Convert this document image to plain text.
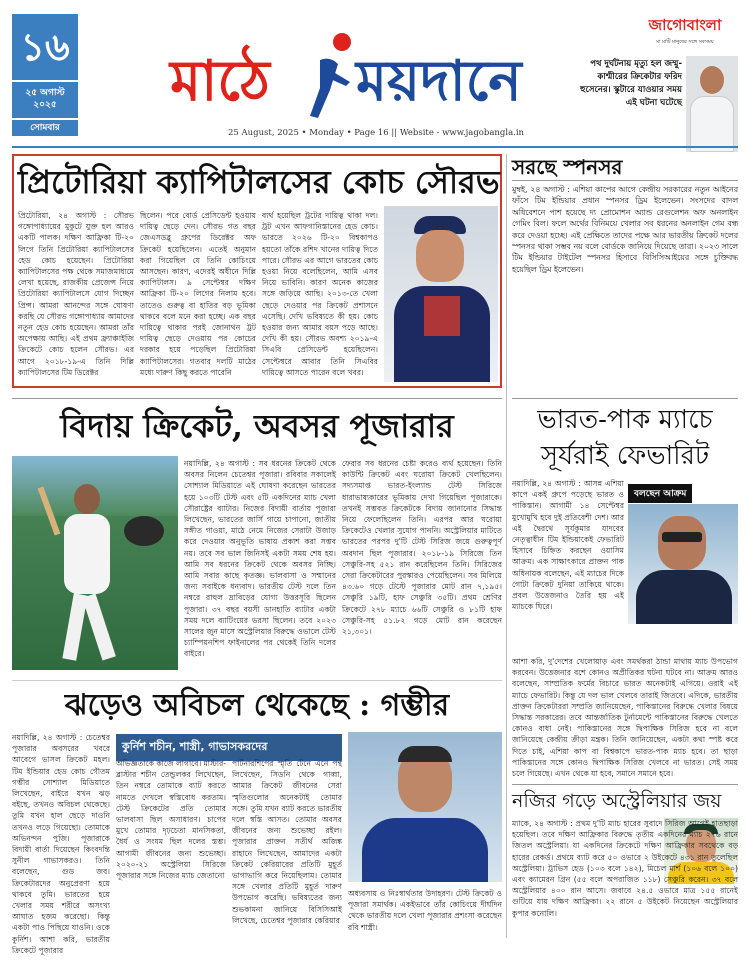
১৬
২৫ অগাস্ট ২০২৫
সোমবার
মাঠে ময়দানে
25 August, 2025 • Monday • Page 16 || Website - www.jagobangla.in
জাগোবাংলা
মা মাটি মানুষের সঙ্গে সবসময়
পথ দুর্ঘটনায় মৃত্যু হল জম্মু-কাশ্মীরের ক্রিকেটার ফরিদ হুসেনের। স্কুটারে যাওয়ার সময় এই ঘটনা ঘটেছে
প্রিটোরিয়া ক্যাপিটালসের কোচ সৌরভ
প্রিটোরিয়া, ২৪ অগাস্ট : সৌরভ গঙ্গোপাধ্যায়ের মুকুটে যুক্ত হল আরও একটি পালক। দক্ষিণ আফ্রিকা টি-২০ লিগে তিনি প্রিটোরিয়া ক্যাপিটালসের হেড কোচ হয়েছেন। প্রিটোরিয়া ক্যাপিটালসের পক্ষ থেকে সমাজমাধ্যমে লেখা হয়েছে, রাজকীয় প্রেজেন্স নিয়ে প্রিটোরিয়া ক্যাপিটালসে যোগ দিচ্ছেন প্রিন্স। আমরা আনন্দের সঙ্গে ঘোষণা করছি যে সৌরভ গঙ্গোপাধ্যায় আমাদের নতুন হেড কোচ হয়েছেন। আমরা তাঁর অপেক্ষায় আছি। এই প্রথম ফ্র্যাঞ্চাইজি ক্রিকেটে কোচ হলেন সৌরভ। এর আগে ২০১৮-১৯-এ তিনি দিল্লি ক্যাপিটালসের টিম ডিরেক্টর
ছিলেন। পরে বোর্ড প্রেসিডেন্ট হওয়ায় দায়িত্ব ছেড়ে দেন। সৌরভ গত বছর জেএসডব্লু গ্রুপের ডিরেক্টর অফ ক্রিকেট হয়েছিলেন। এতেই অনুমান করা গিয়েছিল যে তিনি কোচিংয়ে আসছেন। কারণ, এদেরই অধীনে দিল্লি ক্যাপিটালস। ৯ সেপ্টেম্বর দক্ষিণ আফ্রিকা টি-২০ লিগের নিলাম হবে। তাতেও গুরুত্ব বা হাতির বড় ভূমিকা থাকবে বলে মনে করা হচ্ছে। এক বছর দায়িত্বে থাকার পরই জোনাথন ট্রট দায়িত্ব ছেড়ে দেওয়ায় পর কোচের দরকার হয়ে পড়েছিল প্রিটোরিয়া ক্যাপিটালসের। গতবার দলটি মাঠের মধ্যে দারুণ কিছু করতে পারেনি
ব্যর্থ হয়েছিল ট্রটের দায়িত্ব থাকা দল। ট্রট এখন আফগানিস্তানের হেড কোচ। ভারতে ২০২৬ টি-২০ বিশ্বকাপও হয়তো তাঁকে রশিদ খানের দায়িত্ব দিতে পারে। সৌরভ এর আগে ভারতের কোচ হওয়া নিয়ে বলেছিলেন, আমি এসব নিয়ে ভাবিনি। কারণ অনেক কাজের সঙ্গে জড়িয়ে আছি। ২০১৩-তে খেলা ছেড়ে দেওয়ার পর ক্রিকেট প্রশাসনে এসেছি। দেখি ভবিষ্যতে কী হয়। কোচ হওয়ার জন্য আমার বয়স পড়ে আছে। দেখি কী হয়। সৌরভ অবশ্য ২০১৯-এ সিএবি প্রেসিডেন্ট হয়েছিলেন। সেপ্টেম্বরে আবার তিনি সিএবির দায়িত্বে আসতে পারেন বলে খবর।
সরছে স্পনসর
মুম্বই, ২৪ অগাস্ট : এশিয়া কাপের আগে কেন্দ্রীয় সরকারের নতুন আইনের ফাঁসে টিম ইন্ডিয়ার প্রধান স্পনসর ড্রিম ইলেভেন। সংসদের বাদল অধিবেশনে পাশ হয়েছে দ্য প্রোমোশন অ্যান্ড রেগুলেশন অফ অনলাইন গেমিং বিল। ফলে অর্থের বিনিময়ে খেলার সব ধরনের অনলাইন গেম বন্ধ করে দেওয়া হচ্ছে। এই প্রেক্ষিতে তাদের পক্ষে আর ভারতীয় ক্রিকেট দলের স্পনসর থাকা সম্ভব নয় বলে বোর্ডকে জানিয়ে দিয়েছে তারা। ২০২৩ সালে টিম ইন্ডিয়ার টাইটেল স্পনসর হিসাবে বিসিসিআইয়ের সঙ্গে চুক্তিবদ্ধ হয়েছিল ড্রিম ইলেভেন।
বিদায় ক্রিকেট, অবসর পূজারার
নয়াদিল্লি, ২৪ অগাস্ট : সব ধরনের ক্রিকেট থেকে অবসর নিলেন চেতেশ্বর পূজারা। রবিবার সকালেই সোশ্যাল মিডিয়াতে এই ঘোষণা করেছেন ভারতের হয়ে ১০৩টি টেস্ট এবং ৫টি একদিনের ম্যাচ খেলা সৌরাষ্ট্রের ব্যাটার। নিজের বিদায়ী বার্তায় পূজারা লিখেছেন, ভারতের জার্সি গায়ে চাপানো, জাতীয় সঙ্গীত গাওয়া, মাঠে নেমে নিজের সেরাটা উজাড় করে দেওয়ার অনুভূতি ভাষায় প্রকাশ করা সম্ভব নয়। তবে সব ভাল জিনিসই একটা সময় শেষ হয়। আমি সব ধরনের ক্রিকেট থেকে অবসর নিচ্ছি। আমি সবার কাছে কৃতজ্ঞ। ভালবাসা ও সম্মানের জন্য সবাইকে ধন্যবাদ। ভারতীয় টেস্ট দলে তিন নম্বরে রাহুল দ্রাবিড়ের যোগ্য উত্তরসূরি ছিলেন পূজারা। ৩৭ বছর বয়সী ডানহাতি ব্যাটার একটা সময় দলে ব্যাটিংয়ের ভরসা ছিলেন। তবে ২০২৩ সালের জুন মাসে অস্ট্রেলিয়ার বিরুদ্ধে ওভালে টেস্ট চ্যাম্পিয়নশিপ ফাইনালের পর থেকেই তিনি দলের বাইরে।
ফেরার সব ধরনের চেষ্টা করেও ব্যর্থ হয়েছেন। তিনি কাউন্টি ক্রিকেট এবং ঘরোয়া ক্রিকেট খেলছিলেন। সদ্যসমাপ্ত ভারত-ইংল্যান্ড টেস্ট সিরিজে ধারাভাষ্যকারের ভূমিকায় দেখা গিয়েছিল পূজারাকে। তখনই সম্ভবত ক্রিকেটকে বিদায় জানানোর সিদ্ধান্ত নিয়ে ফেলেছিলেন তিনি। এরপর আর ঘরোয়া ক্রিকেটেও খেলার সুযোগ পাননি। অস্ট্রেলিয়ার মাটিতে ভারতের পরপর দু'টি টেস্ট সিরিজ জয়ে গুরুত্বপূর্ণ অবদান ছিল পূজারার। ২০১৮-১৯ সিরিজে তিন সেঞ্চুরি-সহ ৫২১ রান করেছিলেন তিনি। সিরিজের সেরা ক্রিকেটারের পুরস্কারও পেয়েছিলেন। সব মিলিয়ে ৪৩.৬০ গড়ে টেস্টে পূজারার মোট রান ৭,১৯৫। সেঞ্চুরি ১৯টি, হাফ সেঞ্চুরি ৩৫টি। প্রথম শ্রেণির ক্রিকেটে ২৭৮ ম্যাচে ৬৬টি সেঞ্চুরি ও ৮১টি হাফ সেঞ্চুরি-সহ ৫১.৮২ গড়ে মোট রান করেছেন ২১,৩০১।
ভারত-পাক ম্যাচে
সূর্যরাই ফেভারিট
নয়াদিল্লি, ২৪ অগাস্ট : আসন্ন এশিয়া কাপে একই গ্রুপে পড়েছে ভারত ও পাকিস্তান। আগামী ১৪ সেপ্টেম্বর মুখোমুখি হবে দুই প্রতিবেশী দেশ। আর এই দ্বৈরথে সূর্যকুমার যাদবের নেতৃত্বাধীন টিম ইন্ডিয়াকেই ফেভারিট হিসাবে চিহ্নিত করছেন ওয়াসিম আক্রম। এক সাক্ষাৎকারে প্রাক্তন পাক অধিনায়ক বলেছেন, এই ম্যাচের দিকে গোটা ক্রিকেট দুনিয়া তাকিয়ে থাকে। প্রবল উত্তেজনাও তৈরি হয় এই ম্যাচকে ঘিরে।
বলছেন আক্রম
আশা করি, দু'দেশের খেলোয়াড় এবং সমর্থকরা ঠান্ডা মাথায় ম্যাচ উপভোগ করবেন। উত্তেজনার বশে কোনও অপ্রীতিকর ঘটনা ঘটবে না। আক্রম আরও বলেছেন, সাম্প্রতিক ফর্মের বিচারে ভারত অনেকটাই এগিয়ে। ওরাই এই ম্যাচে ফেভারিট। কিন্তু যে দল ভাল খেলবে তারাই জিতবে। এদিকে, ভারতীয় প্রাক্তন ক্রিকেটাররা সম্প্রতি জানিয়েছেন, পাকিস্তানের বিরুদ্ধে খেলার বিষয়ে সিদ্ধান্ত সরকারের। তবে আন্তর্জাতিক টুর্নামেন্টে পাকিস্তানের বিরুদ্ধে খেলতে কোনও বাধা নেই। পাকিস্তানের সঙ্গে দ্বিপাক্ষিক সিরিজ হবে না বলে জানিয়েছে কেন্দ্রীয় ক্রীড়া মন্ত্রক। তিনি জানিয়েছেন, একটা কথা স্পষ্ট করে দিতে চাই, এশিয়া কাপ বা বিশ্বকাপে ভারত-পাক ম্যাচ হবে। তা ছাড়া পাকিস্তানের সঙ্গে কোনও দ্বিপাক্ষিক সিরিজ খেলবে না ভারত। সেই সময় চলে গিয়েছে। এখন থেকে যা হবে, সমানে সমানে হবে।
ঝড়েও অবিচল থেকেছে : গম্ভীর
নয়াদিল্লি, ২৪ অগাস্ট : চেতেশ্বর পূজারার অবসরের খবরে আবেগে ভাসল ক্রিকেট মহল। টিম ইন্ডিয়ার হেড কোচ গৌতম গম্ভীর সোশ্যাল মিডিয়াতে লিখেছেন, বাইরে যখন ঝড় বইছে, তখনও অবিচল থেকেছে। তুমি যখন হাল ছেড়ে দাওনি তখনও লড়ে গিয়েছো। তোমাকে অভিনন্দন পুজি। পূজারাকে বিদায়ী বার্তা দিয়েছেন কিংবদন্তি সুনীল গাভাসকরও। তিনি বলেছেন, গুড জব। ক্রিকেটারদের অনুপ্রেরণা হয়ে থাকবে তুমি। ভারতের হয়ে খেলার সময় শরীরে অসংখ্য আঘাত হজম করেছো। কিন্তু একটা পাও পিছিয়ে যাওনি। ওকে কুর্নিশ। আশা করি, ভারতীয় ক্রিকেটে পূজারার
কুর্নিশ শচীন, শাস্ত্রী, গাভাসকরদের
অভিজ্ঞতাকে কাজে লাগাবে। মাস্টার-ব্লাস্টার শচীন তেন্ডুলকর লিখেছেন, তিন নম্বরে তোমাকে ব্যাট করতে নামতে দেখলে স্বস্তিবোধ করতাম। টেস্ট ক্রিকেটের প্রতি তোমার ভালবাসা ছিল অসাধারণ। চাপের মুখে তোমার দৃঢ়চেতা মানসিকতা, ধৈর্য ও সংযম ছিল দলের স্তম্ভ। আগামী জীবনের জন্য শুভেচ্ছা। ২০২০-২১ অস্ট্রেলিয়া সিরিজে পূজারার সঙ্গে নিজের ম্যাচ জেতানো
পার্টনারশিপের স্মৃতি টেনে এনে পন্থ লিখেছেন, সিডনি থেকে গাব্বা, আমার ক্রিকেট জীবনের সেরা স্মৃতিগুলোর অনেকটাই তোমার সঙ্গে। তুমি যখন ব্যাট করতে ভারতীয় দলে স্বস্তি আসত। তোমার অবসর জীবনের জন্য শুভেচ্ছা রইল। পূজারার প্রাক্তন সতীর্থ অজিঙ্ক রাহানে লিখেছেন, আমাদের একটা ক্রিকেট কেরিয়ারের প্রতিটি মুহূর্ত ভাগাভাগি করে নিয়েছিলাম। তোমার সঙ্গে খেলার প্রতিটি মুহূর্ত দারুণ উপভোগ করেছি। ভবিষ্যতের জন্য শুভকামনা জানিয়ে বিসিসিআই লিখেছে, চেতেশ্বর পূজারার কেরিয়ার
অধ্যবসায় ও নিঃস্বার্থতার উদাহরণ। টেস্ট ক্রিকেট ও পূজারা সমার্থক। একইভাবে তাঁর কোচিংয়ে দীর্ঘদিন থেকে ভারতীয় দলে খেলা পূজারার প্রশংসা করেছেন রবি শাস্ত্রী।
নজির গড়ে অস্ট্রেলিয়ার জয়
ম্যাকে, ২৪ অগাস্ট : প্রথম দু'টি ম্যাচ হারের সুবাদে সিরিজ আগেই হাতছাড়া হয়েছিল। তবে দক্ষিণ আফ্রিকার বিরুদ্ধে তৃতীয় একদিনের ম্যাচ ২৭৬ রানে জিতল অস্ট্রেলিয়া। যা একদিনের ক্রিকেটে দক্ষিণ আফ্রিকার সবথেকে বড় হারের রেকর্ড। প্রথমে ব্যাট করে ৫০ ওভারে ২ উইকেটে ৪৩১ রান তুলেছিল অস্ট্রেলিয়া। ট্রাভিস হেড (১০৩ বলে ১৪২), মিচেল মার্শ (১০৬ বলে ১০০) এবং ক্যামেরন গ্রিন (৫৫ বলে অপরাজিত ১১৮) সেঞ্চুরি করেন। ৩৭ বলে অস্ট্রেলিয়ার ৪০০ রান আসে। জবাবে ২৪.৫ ওভারে মাত্র ১৫৫ রানেই গুটিয়ে যায় দক্ষিণ আফ্রিকা। ২২ রানে ৫ উইকেট নিয়েছেন অস্ট্রেলিয়ার কুপার কনোলি।
